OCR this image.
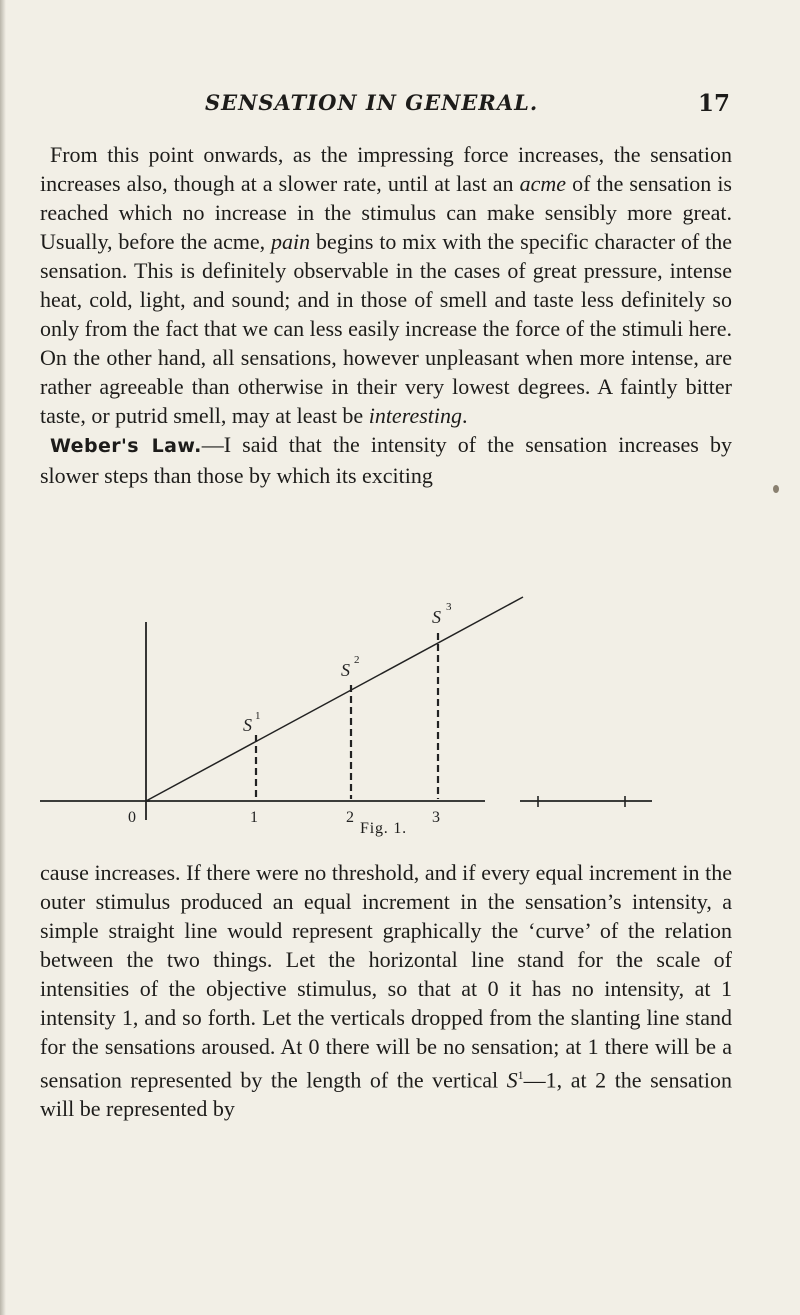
SENSATION IN GENERAL.	17

From this point onwards, as the impressing force increases, the sensation increases also, though at a slower rate, until at last an acme of the sensation is reached which no increase in the stimulus can make sensibly more great. Usually, before the acme, pain begins to mix with the specific character of the sensation. This is definitely observable in the cases of great pressure, intense heat, cold, light, and sound; and in those of smell and taste less definitely so only from the fact that we can less easily increase the force of the stimuli here. On the other hand, all sensations, however unpleasant when more intense, are rather agreeable than otherwise in their very lowest degrees. A faintly bitter taste, or putrid smell, may at least be interesting.

Weber's Law.—I said that the intensity of the sensation increases by slower steps than those by which its exciting

0	1	2	3
S 1
S 2
S 3
Fig. 1.

cause increases. If there were no threshold, and if every equal increment in the outer stimulus produced an equal increment in the sensation’s intensity, a simple straight line would represent graphically the ‘curve’ of the relation between the two things. Let the horizontal line stand for the scale of intensities of the objective stimulus, so that at 0 it has no intensity, at 1 intensity 1, and so forth. Let the verticals dropped from the slanting line stand for the sensations aroused. At 0 there will be no sensation; at 1 there will be a sensation represented by the length of the vertical $S^1—1$, at 2 the sensation will be represented by
